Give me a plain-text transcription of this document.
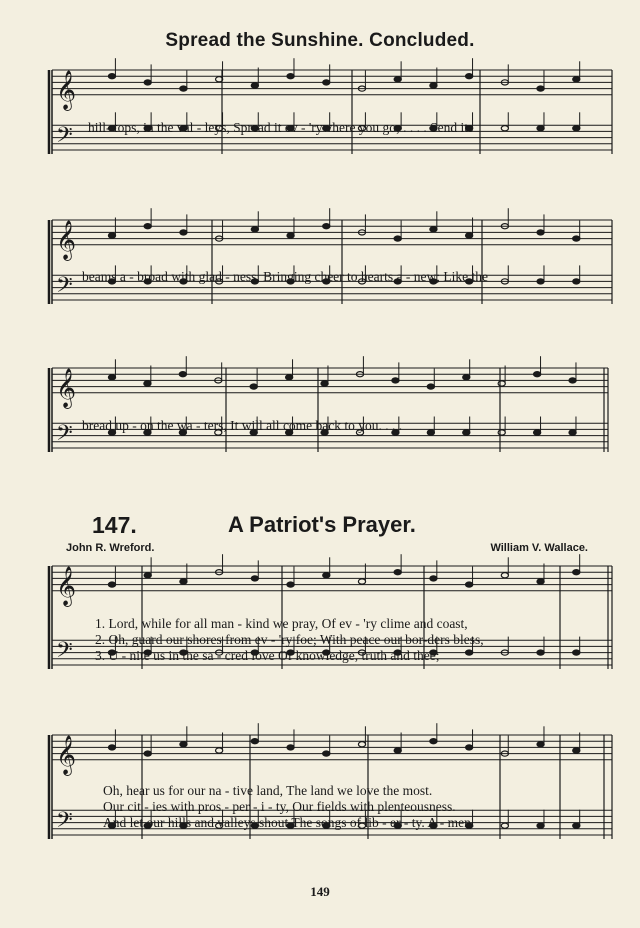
𝄞
𝄢
𝄞
𝄢
𝄞
𝄢
𝄞
𝄢
𝄞
𝄢
Spread the Sunshine. Concluded.
hill- tops, in the val - leys, Spread it ev - 'rywhere you go; . . . . Send its
beams a - broad with glad - ness, Bringing cheer to hearts a - new; Like the
bread up - on the wa - ters, It will all come back to you. . . .
147.	A Patriot's Prayer.
John R. Wreford.	William V. Wallace.
1. Lord, while for all man - kind we pray, Of ev - 'ry clime and coast,
2. Oh, guard our shores from ev - 'ry foe; With peace our bor-ders bless,
3. U - nite us in the sa - cred love Of knowledge, truth and thee;
Oh, hear us for our na - tive land, The land we love the most.
Our cit - ies with pros - per - i - ty, Our fields with plenteousness.
And let our hills and valleys shout The songs of lib - er - ty. A - men.
149
